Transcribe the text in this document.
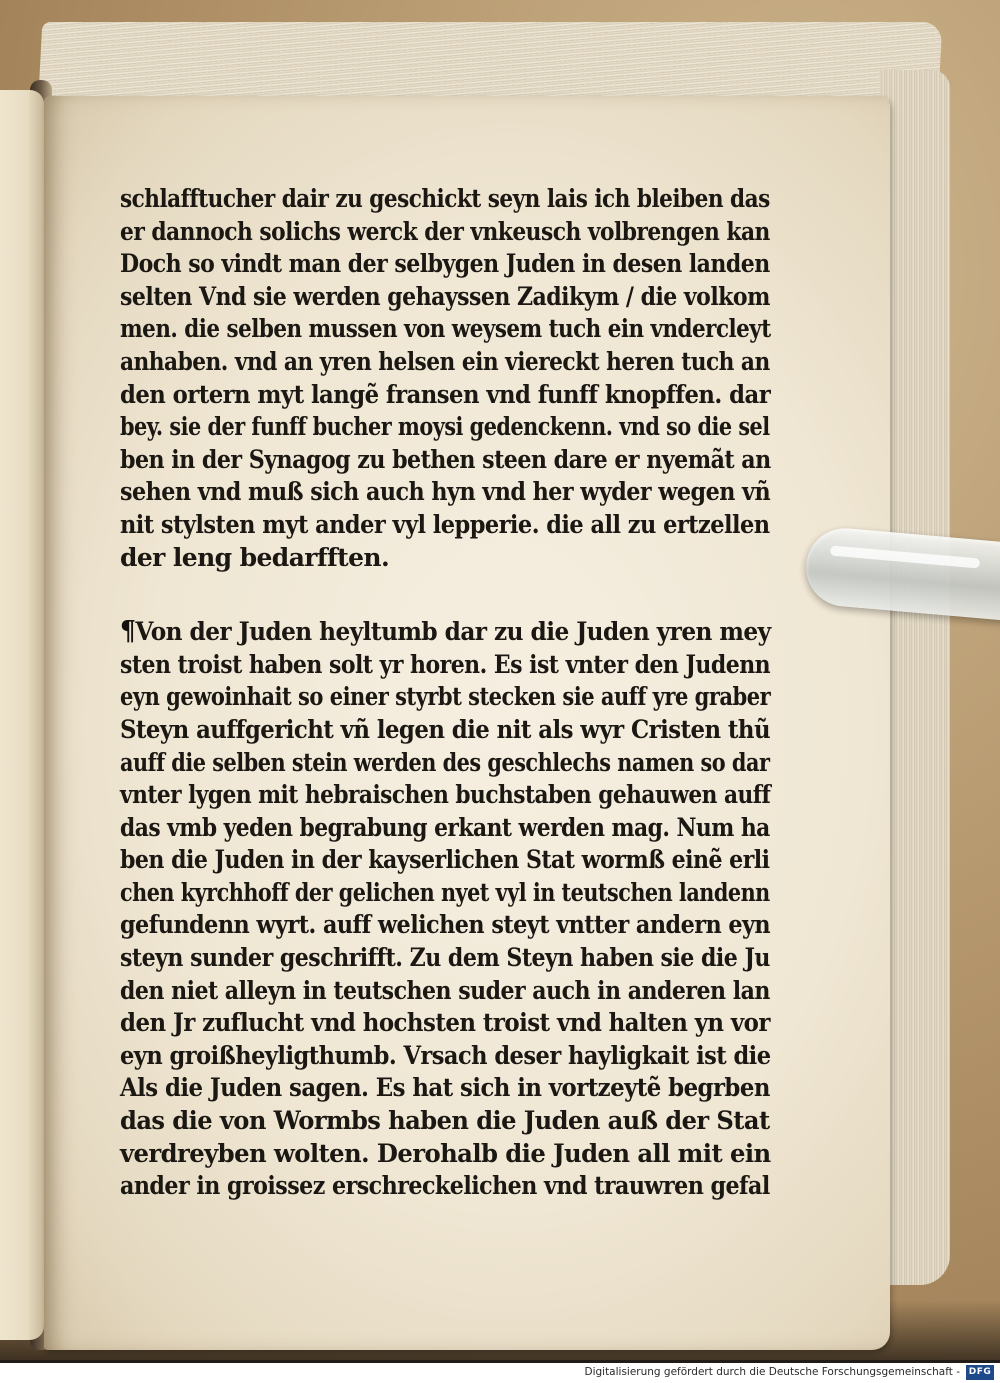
schlafftucher dair zu geschickt seyn lais ich bleiben das
er dannoch solichs werck der vnkeusch volbrengen kan
Doch so vindt man der selbygen Juden in desen landen
selten Vnd sie werden gehayssen Zadikym / die volkom
men. die selben mussen von weysem tuch ein vndercleyt
anhaben. vnd an yren helsen ein viereckt heren tuch an
den ortern myt langẽ fransen vnd funff knopffen. dar
bey. sie der funff bucher moysi gedenckenn. vnd so die sel
ben in der Synagog zu bethen steen dare er nyemãt an
sehen vnd muß sich auch hyn vnd her wyder wegen vñ
nit stylsten myt ander vyl lepperie. die all zu ertzellen
der leng bedarfften.
¶Von der Juden heyltumb dar zu die Juden yren mey
sten troist haben solt yr horen. Es ist vnter den Judenn
eyn gewoinhait so einer styrbt stecken sie auff yre graber
Steyn auffgericht vñ legen die nit als wyr Cristen thũ
auff die selben stein werden des geschlechs namen so dar
vnter lygen mit hebraischen buchstaben gehauwen auff
das vmb yeden begrabung erkant werden mag. Num ha
ben die Juden in der kayserlichen Stat wormß einẽ erli
chen kyrchhoff der gelichen nyet vyl in teutschen landenn
gefundenn wyrt. auff welichen steyt vntter andern eyn
steyn sunder geschrifft. Zu dem Steyn haben sie die Ju
den niet alleyn in teutschen suder auch in anderen lan
den Jr zuflucht vnd hochsten troist vnd halten yn vor
eyn groißheyligthumb. Vrsach deser hayligkait ist die
Als die Juden sagen. Es hat sich in vortzeytẽ begrben
das die von Wormbs haben die Juden auß der Stat
verdreyben wolten. Derohalb die Juden all mit ein
ander in groissez erschreckelichen vnd trauwren gefal
Digitalisierung gefördert durch die Deutsche Forschungsgemeinschaft - DFG
